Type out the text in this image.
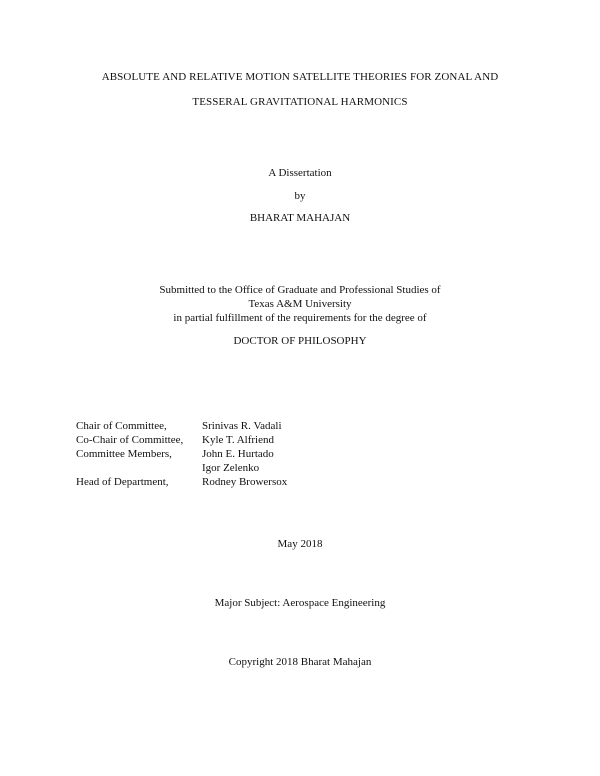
ABSOLUTE AND RELATIVE MOTION SATELLITE THEORIES FOR ZONAL AND
TESSERAL GRAVITATIONAL HARMONICS
A Dissertation
by
BHARAT MAHAJAN
Submitted to the Office of Graduate and Professional Studies of
Texas A&M University
in partial fulfillment of the requirements for the degree of
DOCTOR OF PHILOSOPHY
Chair of Committee,	Srinivas R. Vadali
Co-Chair of Committee, Kyle T. Alfriend
Committee Members,	John E. Hurtado
Igor Zelenko
Head of Department,	Rodney Browersox
May 2018
Major Subject: Aerospace Engineering
Copyright 2018 Bharat Mahajan
